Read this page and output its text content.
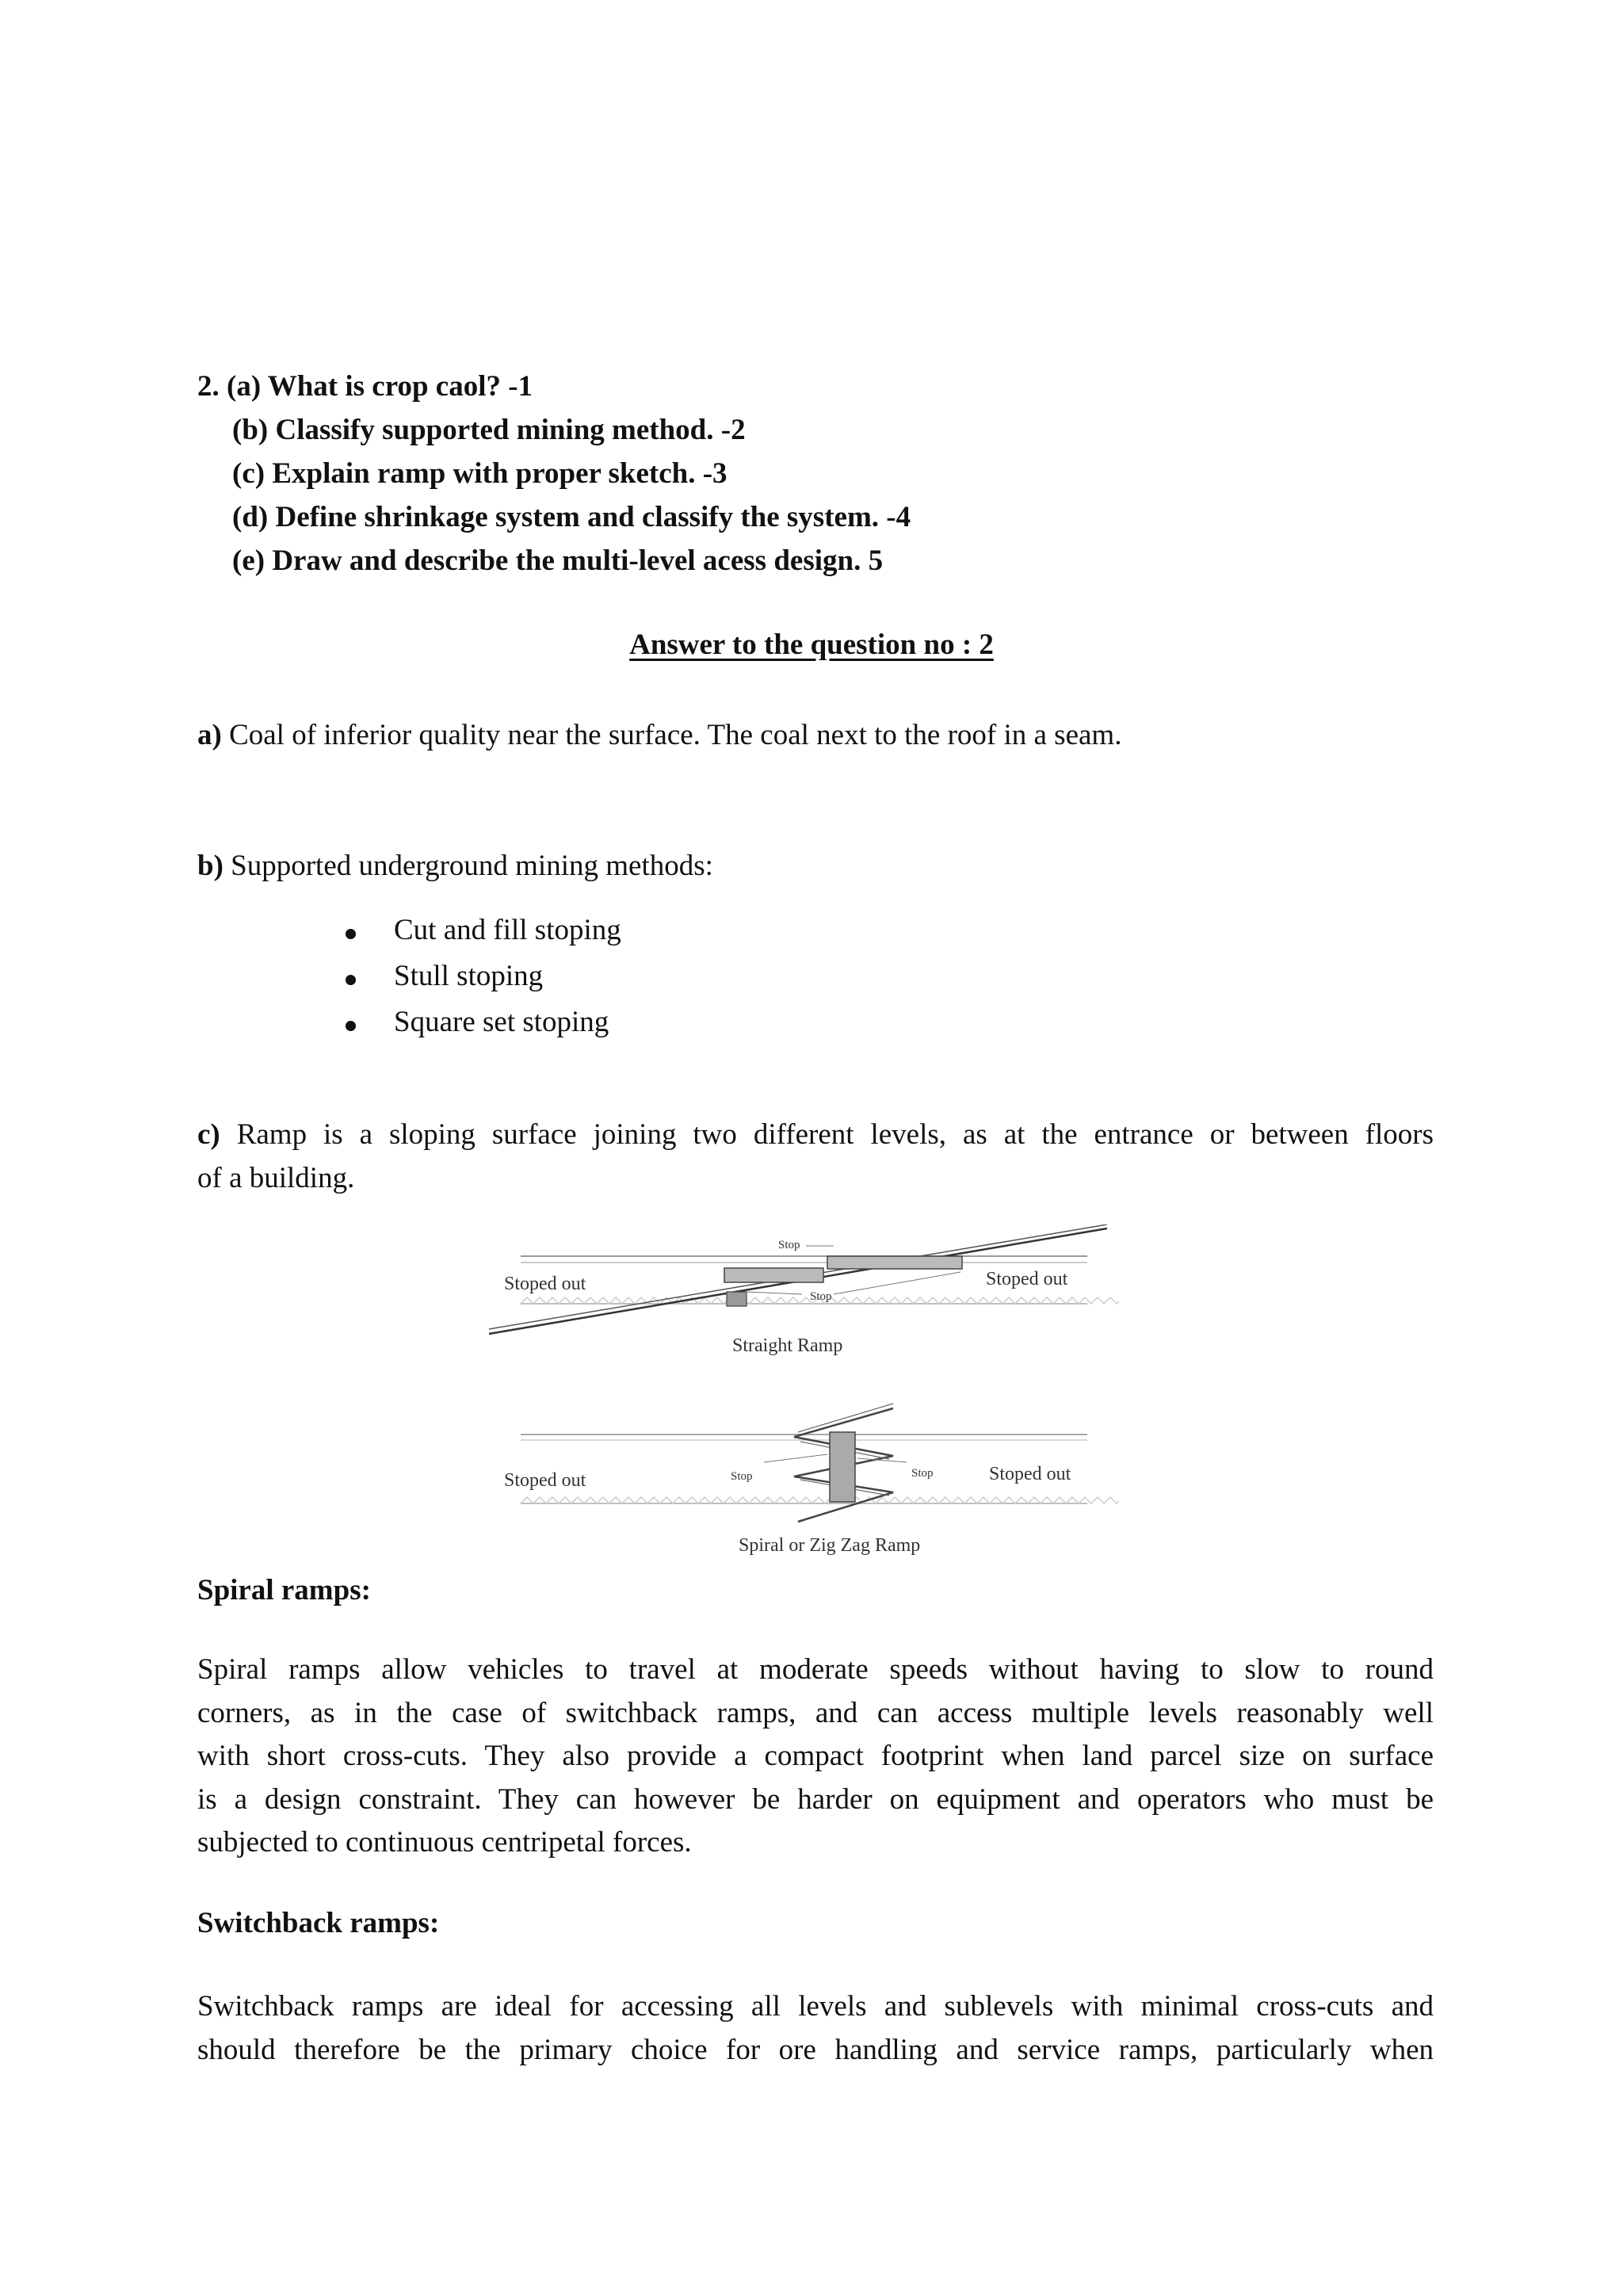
2. (a) What is crop caol? -1
(b) Classify supported mining method. -2
(c) Explain ramp with proper sketch. -3
(d) Define shrinkage system and classify the system. -4
(e) Draw and describe the multi-level acess design. 5
Answer to the question no : 2
a) Coal of inferior quality near the surface. The coal next to the roof in a seam.
b) Supported underground mining methods:
Cut and fill stoping
Stull stoping
Square set stoping
c) Ramp is a sloping surface joining two different levels, as at the entrance or between floors
of a building.
Stoped out	Stoped out
Stop
Stop
Straight Ramp
Stoped out	Stoped out
Stop	Stop
Spiral or Zig Zag Ramp
Spiral ramps:
Spiral ramps allow vehicles to travel at moderate speeds without having to slow to round
corners, as in the case of switchback ramps, and can access multiple levels reasonably well
with short cross-cuts. They also provide a compact footprint when land parcel size on surface
is a design constraint. They can however be harder on equipment and operators who must be
subjected to continuous centripetal forces.
Switchback ramps:
Switchback ramps are ideal for accessing all levels and sublevels with minimal cross-cuts and
should therefore be the primary choice for ore handling and service ramps, particularly when
